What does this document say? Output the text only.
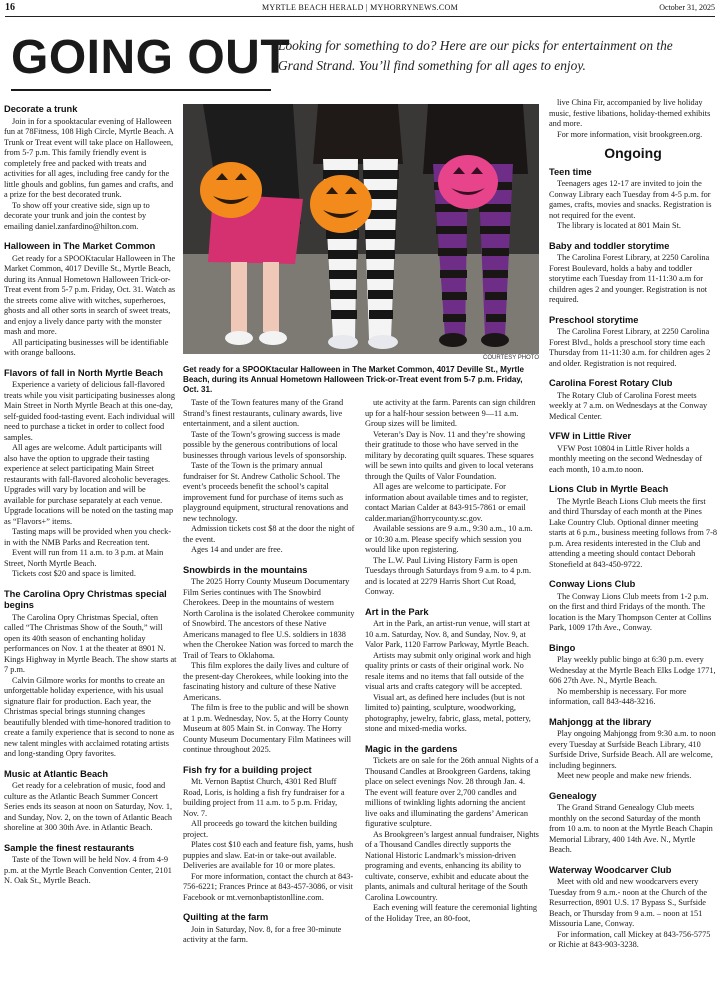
16	MYRTLE BEACH HERALD | MYHORRYNEWS.COM	October 31, 2025
GOING OUT
Looking for something to do? Here are our picks for entertainment on the Grand Strand. You’ll find something for all ages to enjoy.
Decorate a trunk
Join in for a spooktacular evening of Halloween fun at 78Fitness, 108 High Circle, Myrtle Beach. A Trunk or Treat event will take place on Halloween, from 5-7 p.m. This family friendly event is completely free and packed with treats and activities for all ages, including free candy for the little ghouls and goblins, fun games and crafts, and a prize for the best decorated trunk.
To show off your creative side, sign up to decorate your trunk and join the contest by emailing daniel.zanfardino@hilton.com.
Halloween in The Market Common
Get ready for a SPOOKtacular Halloween in The Market Common, 4017 Deville St., Myrtle Beach, during its Annual Hometown Halloween Trick-or-Treat event from 5-7 p.m. Friday, Oct. 31. Watch as the streets come alive with witches, superheroes, ghosts and all other sorts in search of sweet treats, and enjoy a lively dance party with the monster mash and more.
All participating businesses will be identifiable with orange balloons.
Flavors of fall in North Myrtle Beach
Experience a variety of delicious fall-flavored treats while you visit participating businesses along Main Street in North Myrtle Beach at this one-day, self-guided food-tasting event. Each individual will need to purchase a ticket in order to collect food samples.
All ages are welcome. Adult participants will also have the option to upgrade their tasting experience at select participating Main Street restaurants with fall-flavored alcoholic beverages. Upgrades will vary by location and will be available for purchase separately at each venue. Upgrade locations will be noted on the tasting map as “Flavors+” items.
Tasting maps will be provided when you check-in with the NMB Parks and Recreation tent.
Event will run from 11 a.m. to 3 p.m. at Main Street, North Myrtle Beach.
Tickets cost $20 and space is limited.
The Carolina Opry Christmas special begins
The Carolina Opry Christmas Special, often called “The Christmas Show of the South,” will open its 40th season of enchanting holiday performances on Nov. 1 at the theater at 8901 N. Kings Highway in Myrtle Beach. The show starts at 7 p.m.
Calvin Gilmore works for months to create an unforgettable holiday experience, with his usual signature flair for production. Each year, the Christmas special brings stunning changes beautifully blended with time-honored tradition to create a family experience that is second to none as new talent mingles with acclaimed rotating artists and long-standing Opry favorites.
Music at Atlantic Beach
Get ready for a celebration of music, food and culture as the Atlantic Beach Summer Concert Series ends its season at noon on Saturday, Nov. 1, and Sunday, Nov. 2, on the town of Atlantic Beach shoreline at 300 30th Ave. in Atlantic Beach.
Sample the finest restaurants
Taste of the Town will be held Nov. 4 from 4-9 p.m. at the Myrtle Beach Convention Center, 2101 N. Oak St., Myrtle Beach.
COURTESY PHOTO
Get ready for a SPOOKtacular Halloween in The Market Common, 4017 Deville St., Myrtle Beach, during its Annual Hometown Halloween Trick-or-Treat event from 5-7 p.m. Friday, Oct. 31.
Taste of the Town features many of the Grand Strand’s finest restaurants, culinary awards, live entertainment, and a silent auction.
Taste of the Town’s growing success is made possible by the generous contributions of local businesses through various levels of sponsorship.
Taste of the Town is the primary annual fundraiser for St. Andrew Catholic School. The event’s proceeds benefit the school’s capital improvement fund for purchase of items such as playground equipment, structural renovations and new technology.
Admission tickets cost $8 at the door the night of the event.
Ages 14 and under are free.
Snowbirds in the mountains
The 2025 Horry County Museum Documentary Film Series continues with The Snowbird Cherokees. Deep in the mountains of western North Carolina is the isolated Cherokee community of Snowbird. The ancestors of these Native Americans managed to flee U.S. soldiers in 1838 when the Cherokee Nation was forced to march the Trail of Tears to Oklahoma.
This film explores the daily lives and culture of the present-day Cherokees, while looking into the fascinating history and culture of these Native Americans.
The film is free to the public and will be shown at 1 p.m. Wednesday, Nov. 5, at the Horry County Museum at 805 Main St. in Conway. The Horry County Museum Documentary Film Matinees will continue throughout 2025.
Fish fry for a building project
Mt. Vernon Baptist Church, 4301 Red Bluff Road, Loris, is holding a fish fry fundraiser for a building project from 11 a.m. to 5 p.m. Friday, Nov. 7.
All proceeds go toward the kitchen building project.
Plates cost $10 each and feature fish, yams, hush puppies and slaw. Eat-in or take-out available. Deliveries are available for 10 or more plates.
For more information, contact the church at 843-756-6221; Frances Prince at 843-457-3086, or visit Facebook or mt.vernonbaptistonlline.com.
Quilting at the farm
Join in Saturday, Nov. 8, for a free 30-minute activity at the farm.
ute activity at the farm. Parents can sign children up for a half-hour session between 9—11 a.m. Group sizes will be limited.
Veteran’s Day is Nov. 11 and they’re showing their gratitude to those who have served in the military by decorating quilt squares. These squares will be sewn into quilts and given to local veterans through the Quilts of Valor Foundation.
All ages are welcome to participate. For information about available times and to register, contact Marian Calder at 843-915-7861 or email calder.marian@horrycounty.sc.gov.
Available sessions are 9 a.m., 9:30 a.m., 10 a.m. or 10:30 a.m. Please specify which session you would like upon registering.
The L.W. Paul Living History Farm is open Tuesdays through Saturdays from 9 a.m. to 4 p.m. and is located at 2279 Harris Short Cut Road, Conway.
Art in the Park
Art in the Park, an artist-run venue, will start at 10 a.m. Saturday, Nov. 8, and Sunday, Nov. 9, at Valor Park, 1120 Farrow Parkway, Myrtle Beach.
Artists may submit only original work and high quality prints or casts of their original work. No resale items and no items that fall outside of the visual arts and crafts category will be accepted.
Visual art, as defined here includes (but is not limited to) painting, sculpture, woodworking, photography, jewelry, fabric, glass, metal, pottery, stone and mixed-media works.
Magic in the gardens
Tickets are on sale for the 26th annual Nights of a Thousand Candles at Brookgreen Gardens, taking place on select evenings Nov. 28 through Jan. 4. The event will feature over 2,700 candles and millions of twinkling lights adorning the ancient live oaks and illuminating the gardens’ American figurative sculpture.
As Brookgreen’s largest annual fundraiser, Nights of a Thousand Candles directly supports the National Historic Landmark’s mission-driven programing and events, enhancing its ability to cultivate, conserve, exhibit and educate about the plants, animals and cultural heritage of the South Carolina Lowcountry.
Each evening will feature the ceremonial lighting of the Holiday Tree, an 80-foot,
live China Fir, accompanied by live holiday music, festive libations, holiday-themed exhibits and more.
For more information, visit brookgreen.org.
Ongoing
Teen time
Teenagers ages 12-17 are invited to join the Conway Library each Tuesday from 4-5 p.m. for games, crafts, movies and snacks. Registration is not required for the event.
The library is located at 801 Main St.
Baby and toddler storytime
The Carolina Forest Library, at 2250 Carolina Forest Boulevard, holds a baby and toddler storytime each Tuesday from 11-11:30 a.m for children ages 2 and younger. Registration is not required.
Preschool storytime
The Carolina Forest Library, at 2250 Carolina Forest Blvd., holds a preschool story time each Thursday from 11-11:30 a.m. for children ages 2 and older. Registration is not required.
Carolina Forest Rotary Club
The Rotary Club of Carolina Forest meets weekly at 7 a.m. on Wednesdays at the Conway Medical Center.
VFW in Little River
VFW Post 10804 in Little River holds a monthly meeting on the second Wednesday of each month, 10 a.m.to noon.
Lions Club in Myrtle Beach
The Myrtle Beach Lions Club meets the first and third Thursday of each month at the Pines Lake Country Club. Optional dinner meeting starts at 6 p.m., business meeting follows from 7-8 p.m. Area residents interested in the Club and attending a meeting should contact Deborah Stonefield at 843-450-9722.
Conway Lions Club
The Conway Lions Club meets from 1-2 p.m. on the first and third Fridays of the month. The location is the Mary Thompson Center at Collins Park, 1009 17th Ave., Conway.
Bingo
Play weekly public bingo at 6:30 p.m. every Wednesday at the Myrtle Beach Elks Lodge 1771, 606 27th Ave. N., Myrtle Beach.
No membership is necessary. For more information, call 843-448-3216.
Mahjongg at the library
Play ongoing Mahjongg from 9:30 a.m. to noon every Tuesday at Surfside Beach Library, 410 Surfside Drive, Surfside Beach. All are welcome, including beginners.
Meet new people and make new friends.
Genealogy
The Grand Strand Genealogy Club meets monthly on the second Saturday of the month from 10 a.m. to noon at the Myrtle Beach Chapin Memorial Library, 400 14th Ave. N., Myrtle Beach.
Waterway Woodcarver Club
Meet with old and new woodcarvers every Tuesday from 9 a.m.- noon at the Church of the Resurrection, 8901 U.S. 17 Bypass S., Surfside Beach, or Thursday from 9 a.m. – noon at 151 Missouria Lane, Conway.
For information, call Mickey at 843-756-5775 or Richie at 843-903-3238.
